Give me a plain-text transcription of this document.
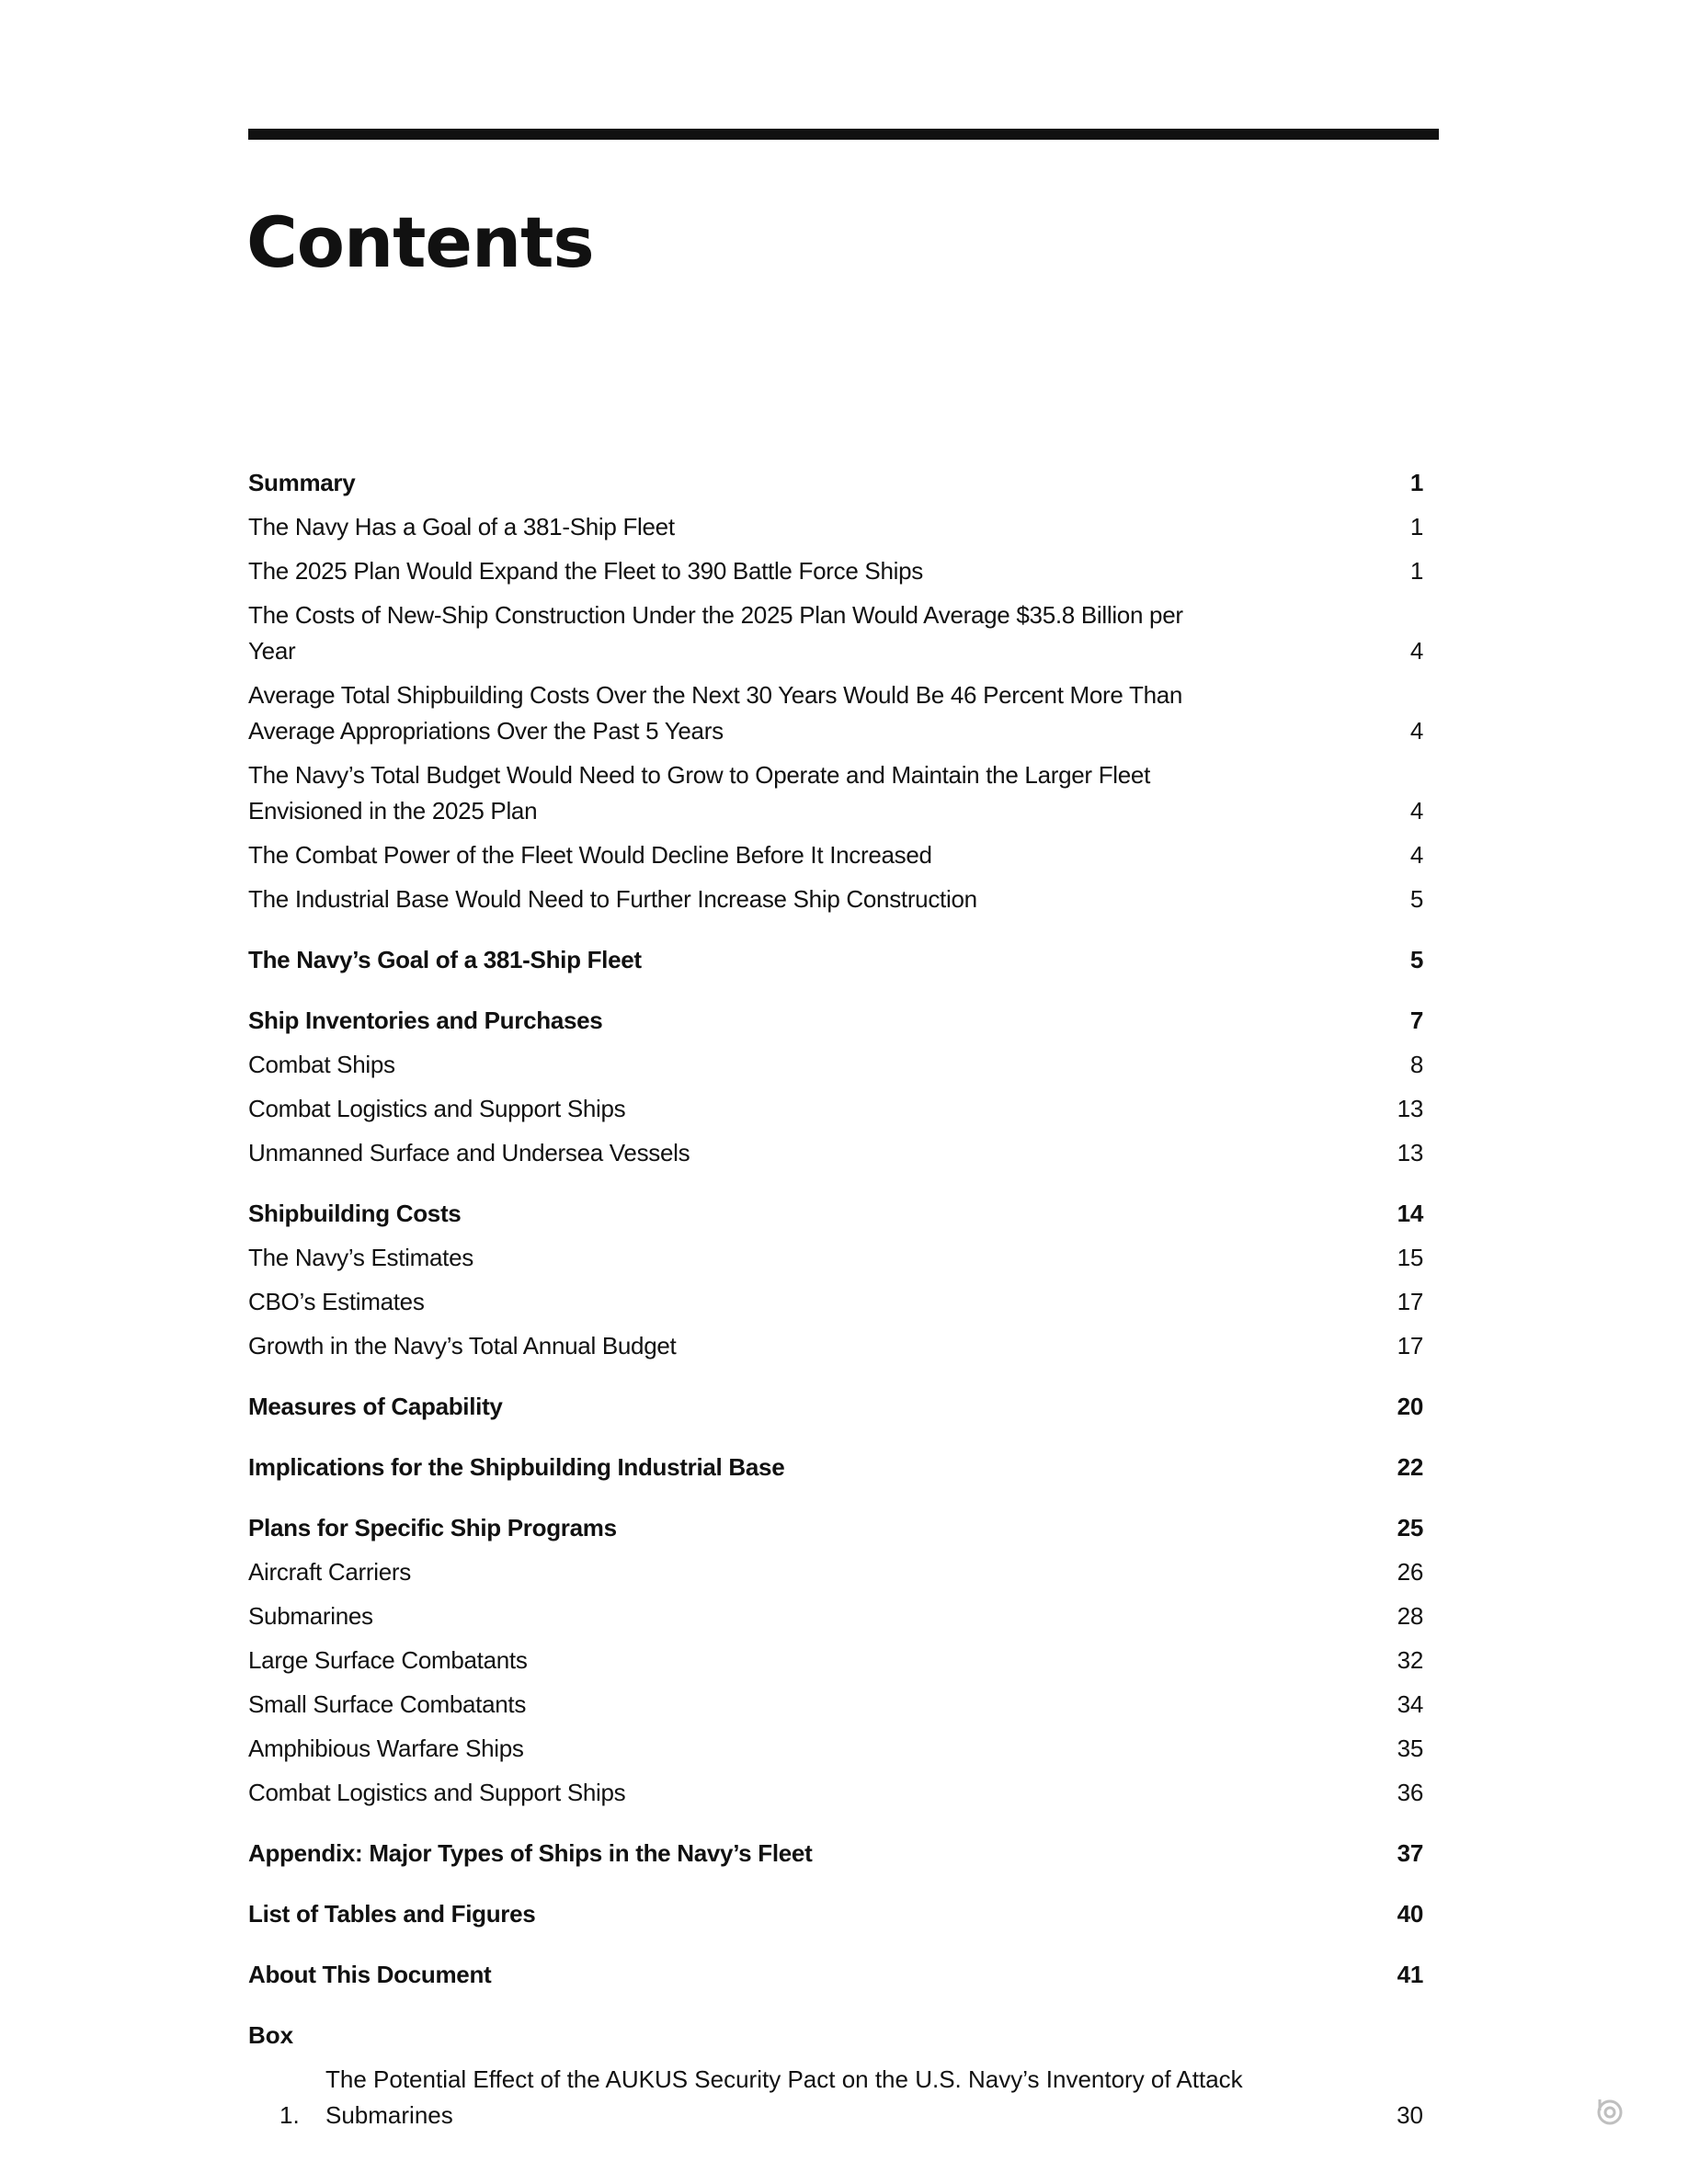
Contents
Summary	1
The Navy Has a Goal of a 381-Ship Fleet	1
The 2025 Plan Would Expand the Fleet to 390 Battle Force Ships	1
The Costs of New-Ship Construction Under the 2025 Plan Would Average $35.8 Billion per Year	4
Average Total Shipbuilding Costs Over the Next 30 Years Would Be 46 Percent More Than Average Appropriations Over the Past 5 Years	4
The Navy’s Total Budget Would Need to Grow to Operate and Maintain the Larger Fleet Envisioned in the 2025 Plan	4
The Combat Power of the Fleet Would Decline Before It Increased	4
The Industrial Base Would Need to Further Increase Ship Construction	5
The Navy’s Goal of a 381-Ship Fleet	5
Ship Inventories and Purchases	7
Combat Ships	8
Combat Logistics and Support Ships	13
Unmanned Surface and Undersea Vessels	13
Shipbuilding Costs	14
The Navy’s Estimates	15
CBO’s Estimates	17
Growth in the Navy’s Total Annual Budget	17
Measures of Capability	20
Implications for the Shipbuilding Industrial Base	22
Plans for Specific Ship Programs	25
Aircraft Carriers	26
Submarines	28
Large Surface Combatants	32
Small Surface Combatants	34
Amphibious Warfare Ships	35
Combat Logistics and Support Ships	36
Appendix: Major Types of Ships in the Navy’s Fleet	37
List of Tables and Figures	40
About This Document	41
Box
1.
The Potential Effect of the AUKUS Security Pact on the U.S. Navy’s Inventory of Attack Submarines	30
